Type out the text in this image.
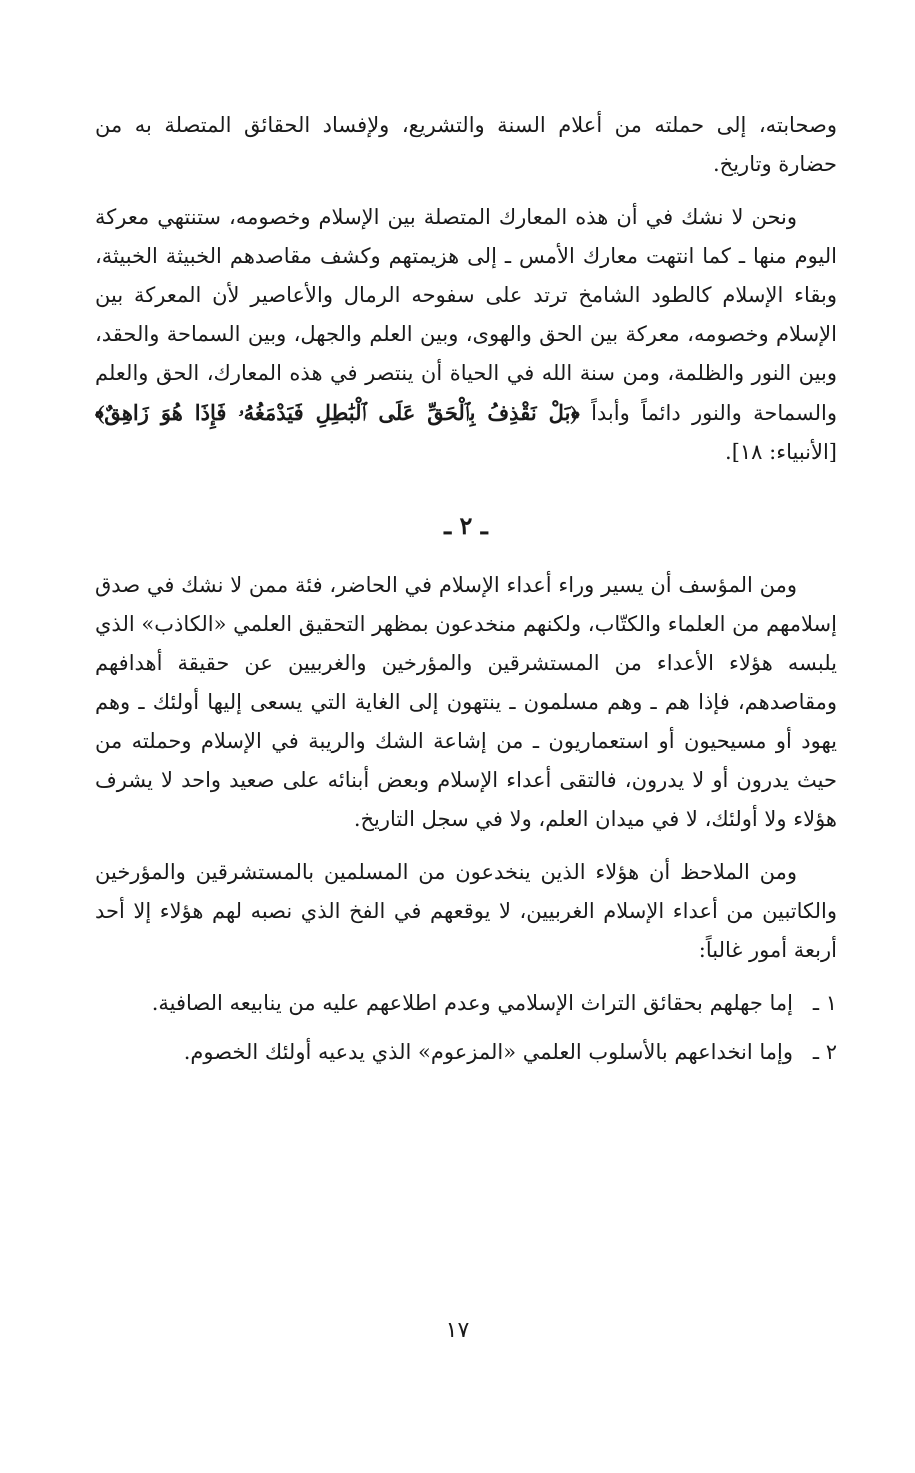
وصحابته، إلى حملته من أعلام السنة والتشريع، ولإفساد الحقائق المتصلة به من حضارة وتاريخ.

ونحن لا نشك في أن هذه المعارك المتصلة بين الإسلام وخصومه، ستنتهي معركة اليوم منها ـ كما انتهت معارك الأمس ـ إلى هزيمتهم وكشف مقاصدهم الخبيثة الخبيثة، وبقاء الإسلام كالطود الشامخ ترتد على سفوحه الرمال والأعاصير لأن المعركة بين الإسلام وخصومه، معركة بين الحق والهوى، وبين العلم والجهل، وبين السماحة والحقد، وبين النور والظلمة، ومن سنة الله في الحياة أن ينتصر في هذه المعارك، الحق والعلم والسماحة والنور دائماً وأبداً ﴿بَلْ نَقْذِفُ بِٱلْحَقِّ عَلَى ٱلْبَٰطِلِ فَيَدْمَغُهُۥ فَإِذَا هُوَ زَاهِقٌ﴾ [الأنبياء: ١٨].

ـ ٢ ـ

ومن المؤسف أن يسير وراء أعداء الإسلام في الحاضر، فئة ممن لا نشك في صدق إسلامهم من العلماء والكتّاب، ولكنهم منخدعون بمظهر التحقيق العلمي «الكاذب» الذي يلبسه هؤلاء الأعداء من المستشرقين والمؤرخين والغربيين عن حقيقة أهدافهم ومقاصدهم، فإذا هم ـ وهم مسلمون ـ ينتهون إلى الغاية التي يسعى إليها أولئك ـ وهم يهود أو مسيحيون أو استعماريون ـ من إشاعة الشك والريبة في الإسلام وحملته من حيث يدرون أو لا يدرون، فالتقى أعداء الإسلام وبعض أبنائه على صعيد واحد لا يشرف هؤلاء ولا أولئك، لا في ميدان العلم، ولا في سجل التاريخ.

ومن الملاحظ أن هؤلاء الذين ينخدعون من المسلمين بالمستشرقين والمؤرخين والكاتبين من أعداء الإسلام الغربيين، لا يوقعهم في الفخ الذي نصبه لهم هؤلاء إلا أحد أربعة أمور غالباً:

١ ـ
إما جهلهم بحقائق التراث الإسلامي وعدم اطلاعهم عليه من ينابيعه الصافية.
٢ ـ
وإما انخداعهم بالأسلوب العلمي «المزعوم» الذي يدعيه أولئك الخصوم.
١٧
